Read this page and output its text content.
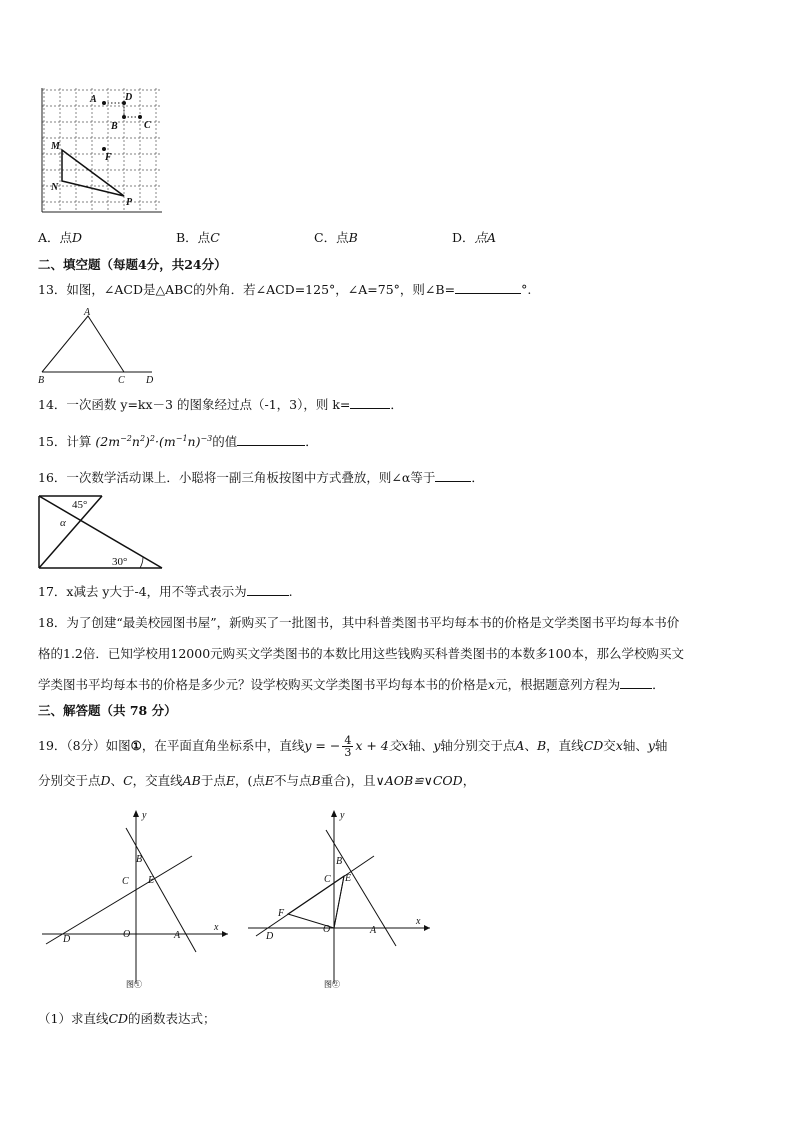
A	D
B	C
M
F
N
P
A．点D	B．点C	C．点B	D．点A
二、填空题（每题4分，共24分）
13．如图，∠ACD是△ABC的外角．若∠ACD=125°，∠A=75°，则∠B=	°.
A
B	C D
14．一次函数 y=kx－3 的图象经过点（-1，3），则 k=	．
15．计算 $(2m^{-2}n^2)^2\cdot(m^{-1}n)^{-3}$的值	．
16．一次数学活动课上．小聪将一副三角板按图中方式叠放，则∠α等于	．
45°
α
30°
17．x减去 y大于-4，用不等式表示为	.
18．为了创建“最美校园图书屋”，新购买了一批图书，其中科普类图书平均每本书的价格是文学类图书平均每本书价
格的1.2倍．已知学校用12000元购买文学类图书的本数比用这些钱购买科普类图书的本数多100本，那么学校购买文
学类图书平均每本书的价格是多少元？设学校购买文学类图书平均每本书的价格是x元，根据题意列方程为	．
三、解答题（共 78 分）
19．（8分）如图①，在平面直角坐标系中，直线y = − $\frac{4}{3}$ x + 4交x轴、y轴分别交于点A、B，直线CD交x轴、y轴
分别交于点D、C，交直线AB于点E，(点E不与点B重合)，且∨AOB≌∨COD，
y
B
C E
D	O	A
x
图①
y
B
C E
F
D
O	A
x
图②
（1）求直线CD的函数表达式；
